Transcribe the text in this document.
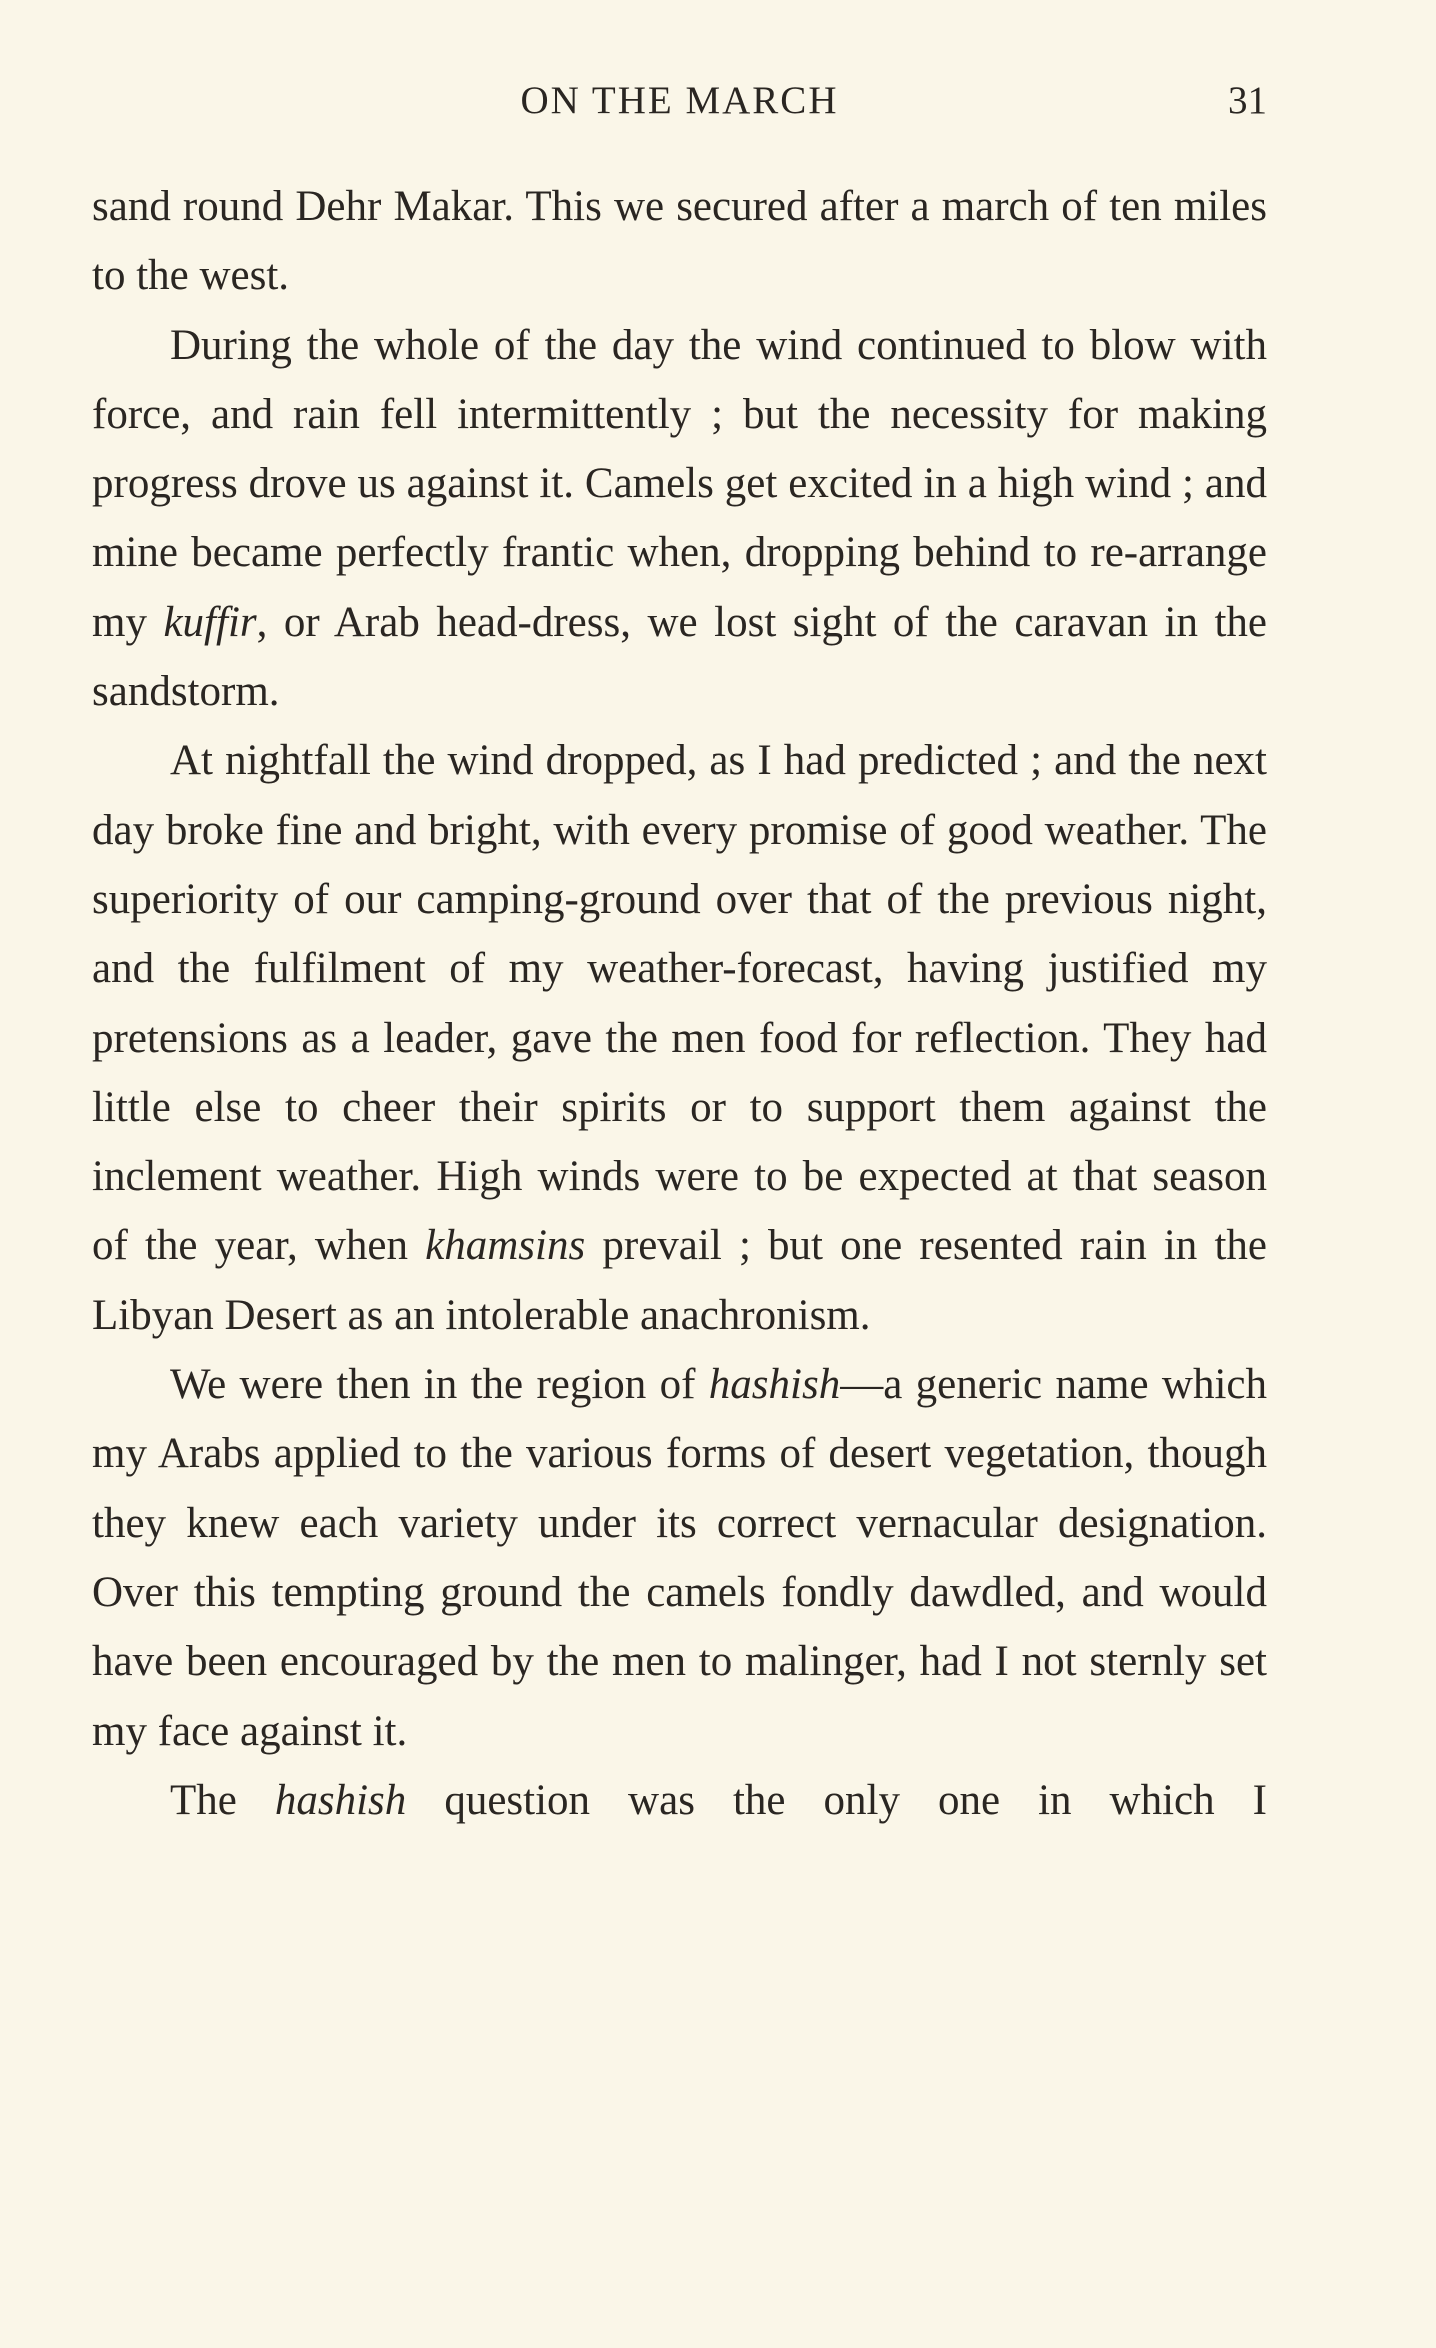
ON THE MARCH	31

sand round Dehr Makar. This we secured after a march of ten miles to the west.

During the whole of the day the wind continued to blow with force, and rain fell intermittently ; but the necessity for making progress drove us against it. Camels get excited in a high wind ; and mine became perfectly frantic when, dropping behind to re-arrange my kuffir, or Arab head-dress, we lost sight of the caravan in the sandstorm.

At nightfall the wind dropped, as I had predicted ; and the next day broke fine and bright, with every promise of good weather. The superiority of our camping-ground over that of the previous night, and the fulfilment of my weather-forecast, having justified my pretensions as a leader, gave the men food for reflection. They had little else to cheer their spirits or to support them against the inclement weather. High winds were to be expected at that season of the year, when khamsins prevail ; but one resented rain in the Libyan Desert as an intolerable anachronism.

We were then in the region of hashish—a generic name which my Arabs applied to the various forms of desert vegetation, though they knew each variety under its correct vernacular designation. Over this tempting ground the camels fondly dawdled, and would have been encouraged by the men to malinger, had I not sternly set my face against it.

The hashish question was the only one in which I
